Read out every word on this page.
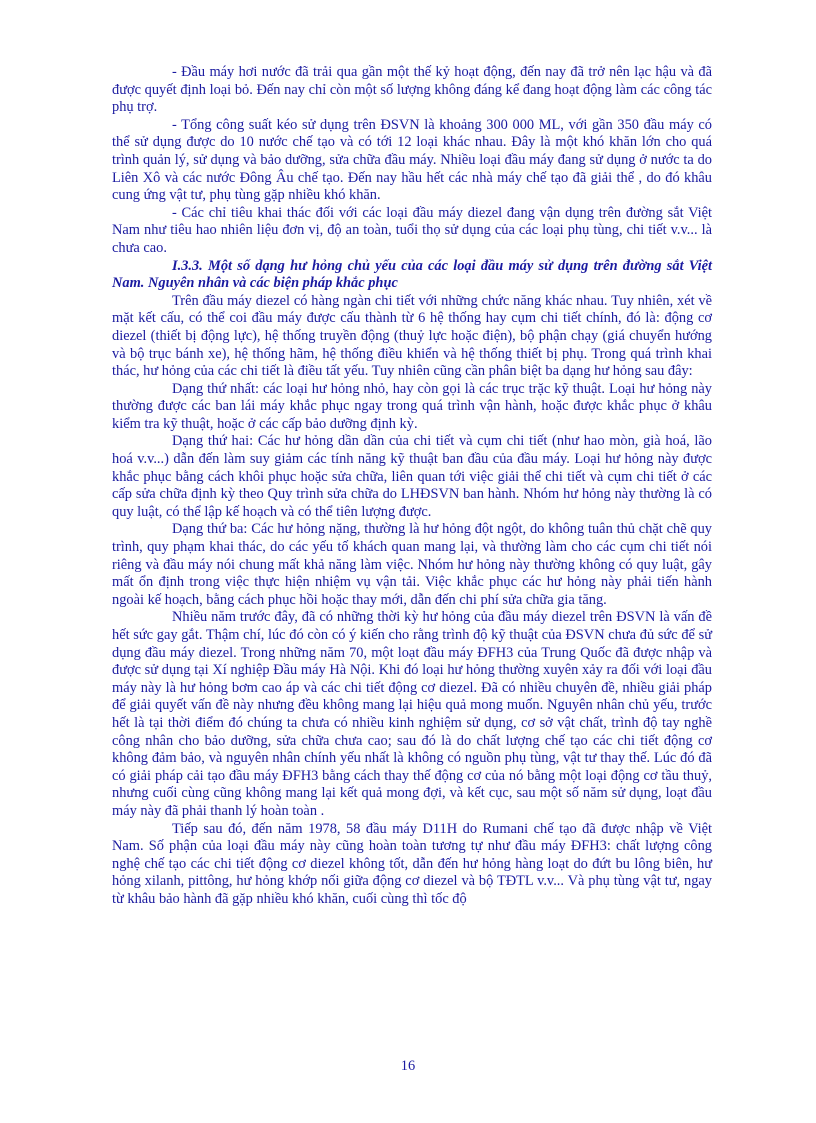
- Đầu máy hơi nước đã trải qua gần một thế kỷ hoạt động, đến nay đã trở nên lạc hậu và đã được quyết định loại bỏ. Đến nay chỉ còn một số lượng không đáng kể đang hoạt động làm các công tác phụ trợ.

- Tổng công suất kéo sử dụng trên ĐSVN là khoảng 300 000 ML, với gần 350 đầu máy có thể sử dụng được do 10 nước chế tạo và có tới 12 loại khác nhau. Đây là một khó khăn lớn cho quá trình quản lý, sử dụng và bảo dưỡng, sửa chữa đầu máy. Nhiều loại đầu máy đang sử dụng ở nước ta do Liên Xô và các nước Đông Âu chế tạo. Đến nay hầu hết các nhà máy chế tạo đã giải thể , do đó khâu cung ứng vật tư, phụ tùng gặp nhiều khó khăn.

- Các chỉ tiêu khai thác đối với các loại đầu máy diezel đang vận dụng trên đường sắt Việt Nam như tiêu hao nhiên liệu đơn vị, độ an toàn, tuổi thọ sử dụng của các loại phụ tùng, chi tiết v.v... là chưa cao.

I.3.3. Một số dạng hư hỏng chủ yếu của các loại đầu máy sử dụng trên đường sắt Việt Nam. Nguyên nhân và các biện pháp khắc phục

Trên đầu máy diezel có hàng ngàn chi tiết với những chức năng khác nhau. Tuy nhiên, xét về mặt kết cấu, có thể coi đầu máy được cấu thành từ 6 hệ thống hay cụm chi tiết chính, đó là: động cơ diezel (thiết bị động lực), hệ thống truyền động (thuỷ lực hoặc điện), bộ phận chạy (giá chuyển hướng và bộ trục bánh xe), hệ thống hãm, hệ thống điều khiển và hệ thống thiết bị phụ. Trong quá trình khai thác, hư hỏng của các chi tiết là điều tất yếu. Tuy nhiên cũng cần phân biệt ba dạng hư hỏng sau đây:

Dạng thứ nhất: các loại hư hỏng nhỏ, hay còn gọi là các trục trặc kỹ thuật. Loại hư hỏng này thường được các ban lái máy khắc phục ngay trong quá trình vận hành, hoặc được khắc phục ở khâu kiểm tra kỹ thuật, hoặc ở các cấp bảo dưỡng định kỳ.

Dạng thứ hai: Các hư hỏng dần dần của chi tiết và cụm chi tiết (như hao mòn, già hoá, lão hoá v.v...) dẫn đến làm suy giảm các tính năng kỹ thuật ban đầu của đầu máy. Loại hư hỏng này được khắc phục bằng cách khôi phục hoặc sửa chữa, liên quan tới việc giải thể chi tiết và cụm chi tiết ở các cấp sửa chữa định kỳ theo Quy trình sửa chữa do LHĐSVN ban hành. Nhóm hư hỏng này thường là có quy luật, có thể lập kế hoạch và có thể tiên lượng được.

Dạng thứ ba: Các hư hỏng nặng, thường là hư hỏng đột ngột, do không tuân thủ chặt chẽ quy trình, quy phạm khai thác, do các yếu tố khách quan mang lại, và thường làm cho các cụm chi tiết nói riêng và đầu máy nói chung mất khả năng làm việc. Nhóm hư hỏng này thường không có quy luật, gây mất ổn định trong việc thực hiện nhiệm vụ vận tải. Việc khắc phục các hư hỏng này phải tiến hành ngoài kế hoạch, bằng cách phục hồi hoặc thay mới, dẫn đến chi phí sửa chữa gia tăng.

Nhiều năm trước đây, đã có những thời kỳ hư hỏng của đầu máy diezel trên ĐSVN là vấn đề hết sức gay gắt. Thậm chí, lúc đó còn có ý kiến cho rằng trình độ kỹ thuật của ĐSVN chưa đủ sức để sử dụng đầu máy diezel. Trong những năm 70, một loạt đầu máy ĐFH3 của Trung Quốc đã được nhập và được sử dụng tại Xí nghiệp Đầu máy Hà Nội. Khi đó loại hư hỏng thường xuyên xảy ra đối với loại đầu máy này là hư hỏng bơm cao áp và các chi tiết động cơ diezel. Đã có nhiều chuyên đề, nhiều giải pháp để giải quyết vấn đề này nhưng đều không mang lại hiệu quả mong muốn. Nguyên nhân chủ yếu, trước hết là tại thời điểm đó chúng ta chưa có nhiều kinh nghiệm sử dụng, cơ sở vật chất, trình độ tay nghề công nhân cho bảo dưỡng, sửa chữa chưa cao; sau đó là do chất lượng chế tạo các chi tiết động cơ không đảm bảo, và nguyên nhân chính yếu nhất là không có nguồn phụ tùng, vật tư thay thế. Lúc đó đã có giải pháp cải tạo đầu máy ĐFH3 bằng cách thay thế động cơ của nó bằng một loại động cơ tầu thuỷ, nhưng cuối cùng cũng không mang lại kết quả mong đợi, và kết cục, sau một số năm sử dụng, loạt đầu máy này đã phải thanh lý hoàn toàn .

Tiếp sau đó, đến năm 1978, 58 đầu máy D11H do Rumani chế tạo đã được nhập về Việt Nam. Số phận của loại đầu máy này cũng hoàn toàn tương tự như đầu máy ĐFH3: chất lượng công nghệ chế tạo các chi tiết động cơ diezel không tốt, dẫn đến hư hỏng hàng loạt do đứt bu lông biên, hư hỏng xilanh, pittông, hư hỏng khớp nối giữa động cơ diezel và bộ TĐTL v.v... Và phụ tùng vật tư, ngay từ khâu bảo hành đã gặp nhiều khó khăn, cuối cùng thì tốc độ

16
